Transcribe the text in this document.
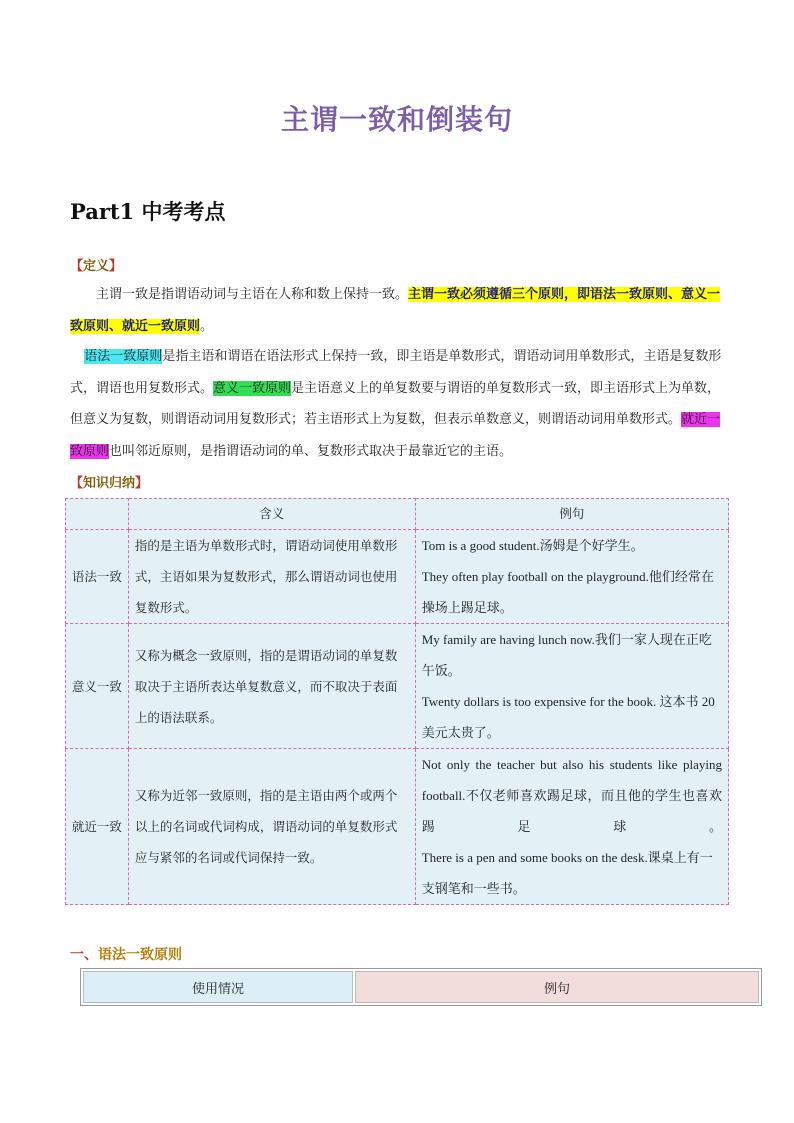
主谓一致和倒装句
Part1 中考考点
【定义】
主谓一致是指谓语动词与主语在人称和数上保持一致。主谓一致必须遵循三个原则，即语法一致原则、意义一致原则、就近一致原则。
语法一致原则是指主语和谓语在语法形式上保持一致，即主语是单数形式，谓语动词用单数形式，主语是复数形式，谓语也用复数形式。意义一致原则是主语意义上的单复数要与谓语的单复数形式一致，即主语形式上为单数，但意义为复数，则谓语动词用复数形式；若主语形式上为复数，但表示单数意义，则谓语动词用单数形式。就近一致原则也叫邻近原则，是指谓语动词的单、复数形式取决于最靠近它的主语。
【知识归纳】
	含义	例句
语法一致	指的是主语为单数形式时，谓语动词使用单数形式，主语如果为复数形式，那么谓语动词也使用复数形式。	Tom is a good student.汤姆是个好学生。
They often play football on the playground.他们经常在操场上踢足球。

意义一致	又称为概念一致原则，指的是谓语动词的单复数取决于主语所表达单复数意义，而不取决于表面上的语法联系。	My family are having lunch now.我们一家人现在正吃午饭。
Twenty dollars is too expensive for the book. 这本书 20 美元太贵了。

就近一致	又称为近邻一致原则，指的是主语由两个或两个以上的名词或代词构成，谓语动词的单复数形式应与紧邻的名词或代词保持一致。	Not only the teacher but also his students like playing football.不仅老师喜欢踢足球，而且他的学生也喜欢踢足球。
There is a pen and some books on the desk.课桌上有一支钢笔和一些书。
一、语法一致原则
使用情况	例句
